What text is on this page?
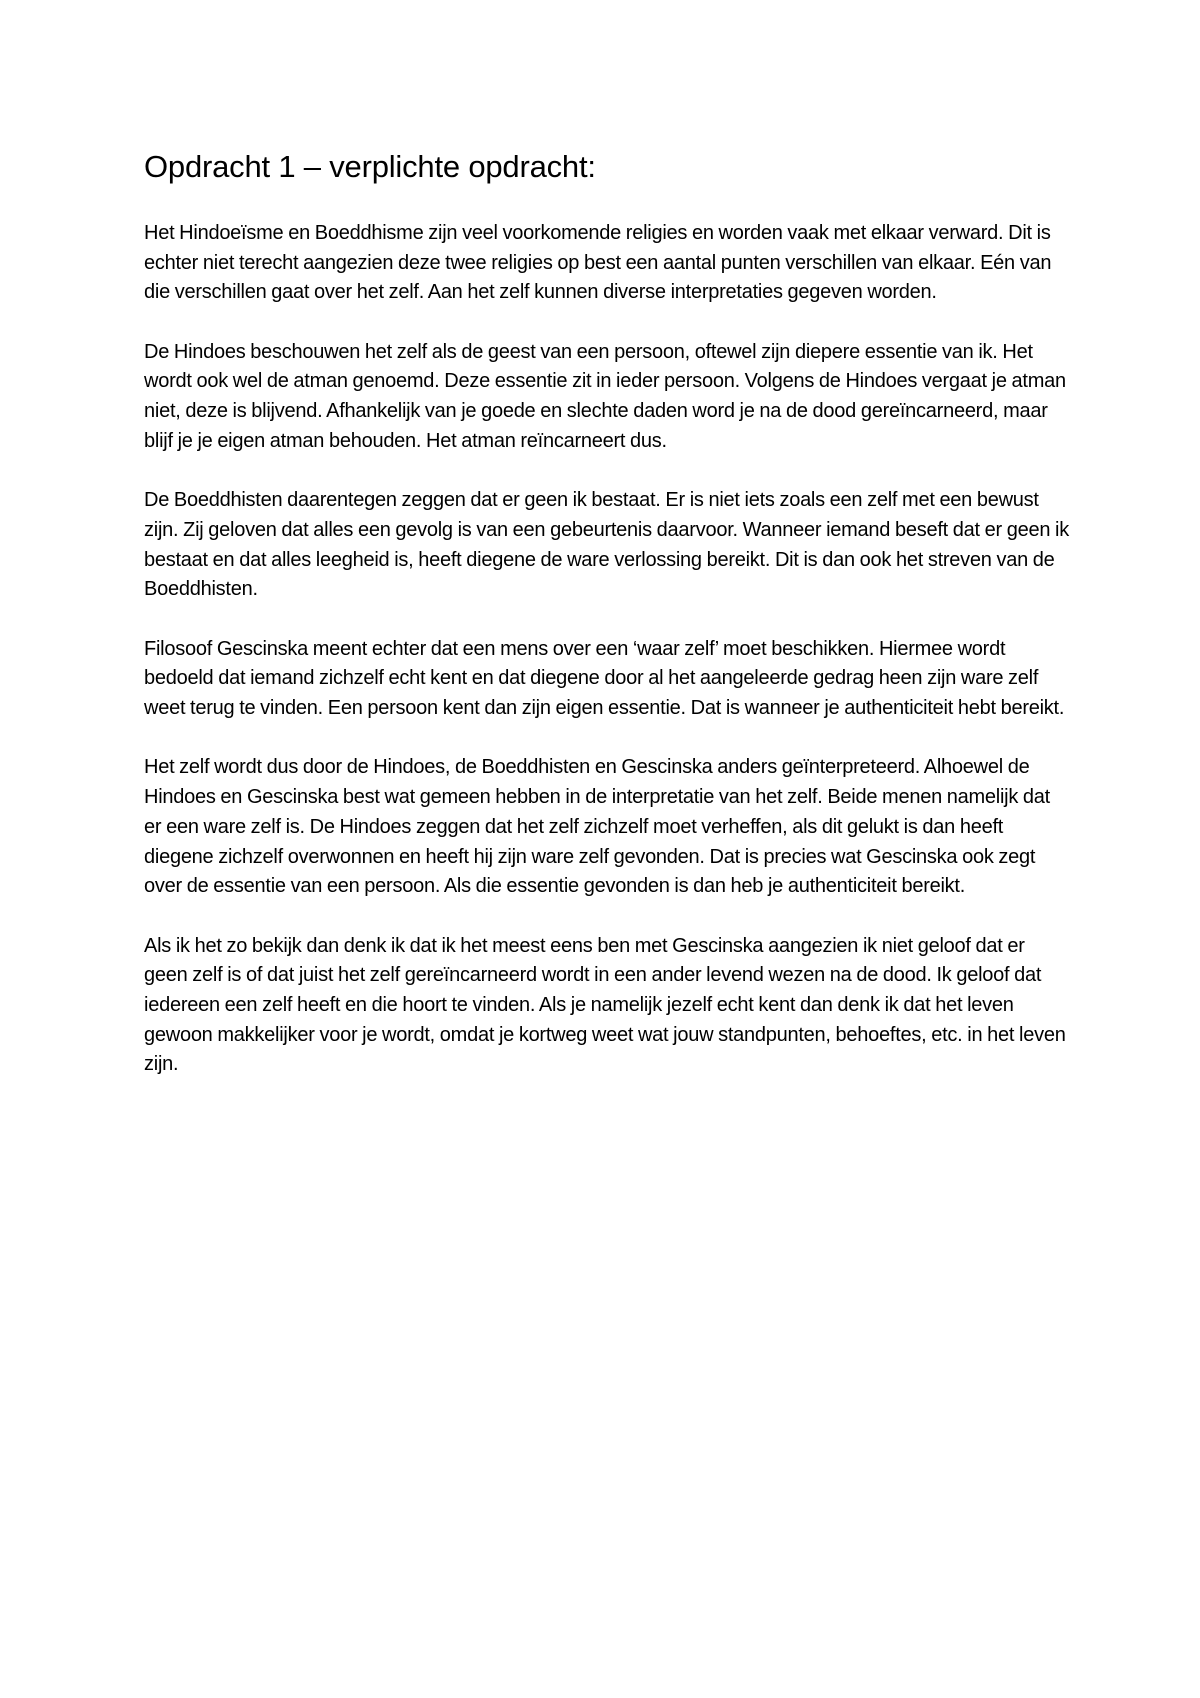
Opdracht 1 – verplichte opdracht:

Het Hindoeïsme en Boeddhisme zijn veel voorkomende religies en worden vaak met elkaar verward. Dit is echter niet terecht aangezien deze twee religies op best een aantal punten verschillen van elkaar. Eén van die verschillen gaat over het zelf. Aan het zelf kunnen diverse interpretaties gegeven worden.

De Hindoes beschouwen het zelf als de geest van een persoon, oftewel zijn diepere essentie van ik. Het wordt ook wel de atman genoemd. Deze essentie zit in ieder persoon. Volgens de Hindoes vergaat je atman niet, deze is blijvend. Afhankelijk van je goede en slechte daden word je na de dood gereïncarneerd, maar blijf je je eigen atman behouden. Het atman reïncarneert dus.

De Boeddhisten daarentegen zeggen dat er geen ik bestaat. Er is niet iets zoals een zelf met een bewust zijn. Zij geloven dat alles een gevolg is van een gebeurtenis daarvoor. Wanneer iemand beseft dat er geen ik bestaat en dat alles leegheid is, heeft diegene de ware verlossing bereikt. Dit is dan ook het streven van de Boeddhisten.

Filosoof Gescinska meent echter dat een mens over een ‘waar zelf’ moet beschikken. Hiermee wordt bedoeld dat iemand zichzelf echt kent en dat diegene door al het aangeleerde gedrag heen zijn ware zelf weet terug te vinden. Een persoon kent dan zijn eigen essentie. Dat is wanneer je authenticiteit hebt bereikt.

Het zelf wordt dus door de Hindoes, de Boeddhisten en Gescinska anders geïnterpreteerd. Alhoewel de Hindoes en Gescinska best wat gemeen hebben in de interpretatie van het zelf. Beide menen namelijk dat er een ware zelf is. De Hindoes zeggen dat het zelf zichzelf moet verheffen, als dit gelukt is dan heeft diegene zichzelf overwonnen en heeft hij zijn ware zelf gevonden. Dat is precies wat Gescinska ook zegt over de essentie van een persoon. Als die essentie gevonden is dan heb je authenticiteit bereikt.

Als ik het zo bekijk dan denk ik dat ik het meest eens ben met Gescinska aangezien ik niet geloof dat er geen zelf is of dat juist het zelf gereïncarneerd wordt in een ander levend wezen na de dood. Ik geloof dat iedereen een zelf heeft en die hoort te vinden. Als je namelijk jezelf echt kent dan denk ik dat het leven gewoon makkelijker voor je wordt, omdat je kortweg weet wat jouw standpunten, behoeftes, etc. in het leven zijn.
